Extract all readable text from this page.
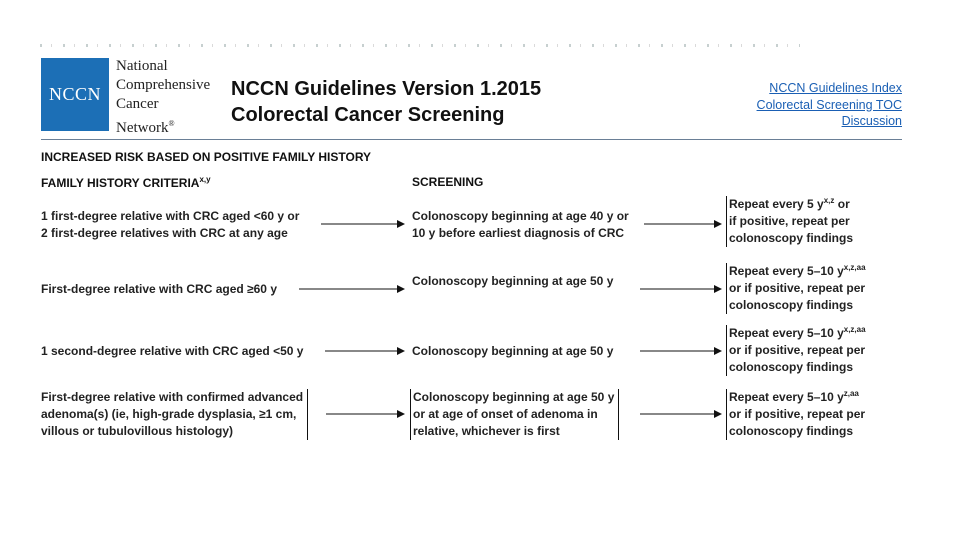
NCCN
National
Comprehensive
Cancer
Network®
NCCN Guidelines Version 1.2015
Colorectal Cancer Screening
NCCN Guidelines Index
Colorectal Screening TOC
Discussion
INCREASED RISK BASED ON POSITIVE FAMILY HISTORY
FAMILY HISTORY CRITERIA$^{x,y}$	SCREENING
1 first-degree relative with CRC aged <60 y or
2 first-degree relatives with CRC at any age
Colonoscopy beginning at age 40 y or
10 y before earliest diagnosis of CRC
Repeat every 5 $y^{x,z}$ or
if positive, repeat per
colonoscopy findings
First-degree relative with CRC aged ≥60 y
Colonoscopy beginning at age 50 y
Repeat every 5–10 $y^{x,z,aa}$
or if positive, repeat per
colonoscopy findings
1 second-degree relative with CRC aged <50 y	Colonoscopy beginning at age 50 y
Repeat every 5–10 $y^{x,z,aa}$
or if positive, repeat per
colonoscopy findings
First-degree relative with confirmed advanced
adenoma(s) (ie, high-grade dysplasia, ≥1 cm,
villous or tubulovillous histology)
Colonoscopy beginning at age 50 y
or at age of onset of adenoma in
relative, whichever is first
Repeat every 5–10 $y^{z,aa}$
or if positive, repeat per
colonoscopy findings
